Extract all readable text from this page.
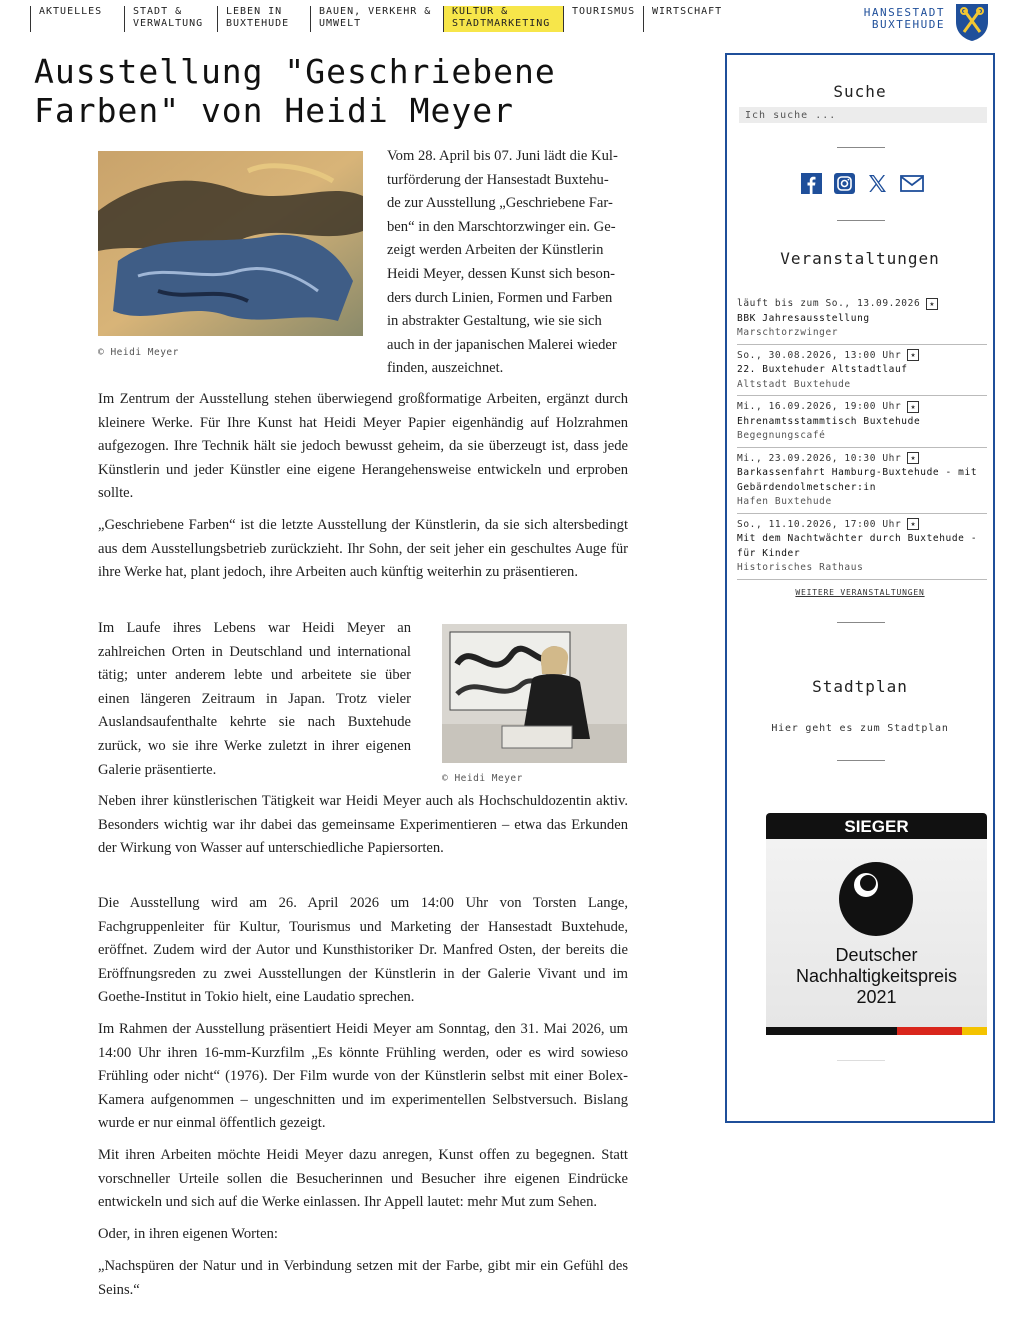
AKTUELLES	STADT &
VERWALTUNG
LEBEN IN
BUXTEHUDE
BAUEN, VERKEHR &
UMWELT
KULTUR &
STADTMARKETING
TOURISMUS	WIRTSCHAFT	HANSESTADT
BUXTEHUDE
Ausstellung "Geschriebene
Farben" von Heidi Meyer
© Heidi Meyer
Vom 28. April bis 07. Juni lädt die Kul-
turförderung der Hansestadt Buxtehu-
de zur Ausstellung „Geschriebene Far-
ben“ in den Marschtorzwinger ein. Ge-
zeigt werden Arbeiten der Künstlerin
Heidi Meyer, dessen Kunst sich beson-
ders durch Linien, Formen und Farben
in abstrakter Gestaltung, wie sie sich
auch in der japanischen Malerei wieder
finden, auszeichnet.

Im Zentrum der Ausstellung stehen überwiegend großformatige Arbeiten, ergänzt durch kleinere Werke. Für Ihre Kunst hat Heidi Meyer Papier eigenhändig auf Holzrahmen aufgezogen. Ihre Technik hält sie jedoch bewusst geheim, da sie überzeugt ist, dass jede Künstlerin und jeder Künstler eine eigene Herangehensweise entwickeln und erproben sollte.

„Geschriebene Farben“ ist die letzte Ausstellung der Künstlerin, da sie sich altersbedingt aus dem Ausstellungsbetrieb zurückzieht. Ihr Sohn, der seit jeher ein geschultes Auge für ihre Werke hat, plant jedoch, ihre Arbeiten auch künftig weiterhin zu präsentieren.

Im Laufe ihres Lebens war Heidi Meyer an zahlreichen Orten in Deutschland und international tätig; unter anderem lebte und arbeitete sie über einen längeren Zeitraum in Japan. Trotz vieler Auslandsaufenthalte kehrte sie nach Buxtehude zurück, wo sie ihre Werke zuletzt in ihrer eigenen Galerie präsentierte.

Neben ihrer künstlerischen Tätigkeit war Heidi Meyer auch als Hochschuldozentin aktiv. Besonders wichtig war ihr dabei das gemeinsame Experimentieren – etwa das Erkunden der Wirkung von Wasser auf unterschiedliche Papiersorten.

Die Ausstellung wird am 26. April 2026 um 14:00 Uhr von Torsten Lange, Fachgruppenleiter für Kultur, Tourismus und Marketing der Hansestadt Buxtehude, eröffnet. Zudem wird der Autor und Kunsthistoriker Dr. Manfred Osten, der bereits die Eröffnungsreden zu zwei Ausstellungen der Künstlerin in der Galerie Vivant und im Goethe-Institut in Tokio hielt, eine Laudatio sprechen.

Im Rahmen der Ausstellung präsentiert Heidi Meyer am Sonntag, den 31. Mai 2026, um 14:00 Uhr ihren 16-mm-Kurzfilm „Es könnte Frühling werden, oder es wird sowieso Frühling oder nicht“ (1976). Der Film wurde von der Künstlerin selbst mit einer Bolex-Kamera aufgenommen – ungeschnitten und im experimentellen Selbstversuch. Bislang wurde er nur einmal öffentlich gezeigt.

Mit ihren Arbeiten möchte Heidi Meyer dazu anregen, Kunst offen zu begegnen. Statt vorschneller Urteile sollen die Besucherinnen und Besucher ihre eigenen Eindrücke entwickeln und sich auf die Werke einlassen. Ihr Appell lautet: mehr Mut zum Sehen.

Oder, in ihren eigenen Worten:

„Nachspüren der Natur und in Verbindung setzen mit der Farbe, gibt mir ein Gefühl des Seins.“

© Heidi Meyer
Suche
Ich suche ...
Veranstaltungen
läuft bis zum So., 13.09.2026 ★
BBK Jahresausstellung
Marschtorzwinger
So., 30.08.2026, 13:00 Uhr ★
22. Buxtehuder Altstadtlauf
Altstadt Buxtehude
Mi., 16.09.2026, 19:00 Uhr ★
Ehrenamtsstammtisch Buxtehude
Begegnungscafé
Mi., 23.09.2026, 10:30 Uhr ★
Barkassenfahrt Hamburg-Buxtehude - mit Gebärdendolmetscher:in
Hafen Buxtehude
So., 11.10.2026, 17:00 Uhr ★
Mit dem Nachtwächter durch Buxtehude - für Kinder
Historisches Rathaus
WEITERE VERANSTALTUNGEN
Stadtplan
Hier geht es zum Stadtplan
SIEGER
Deutscher
Nachhaltigkeitspreis
2021
